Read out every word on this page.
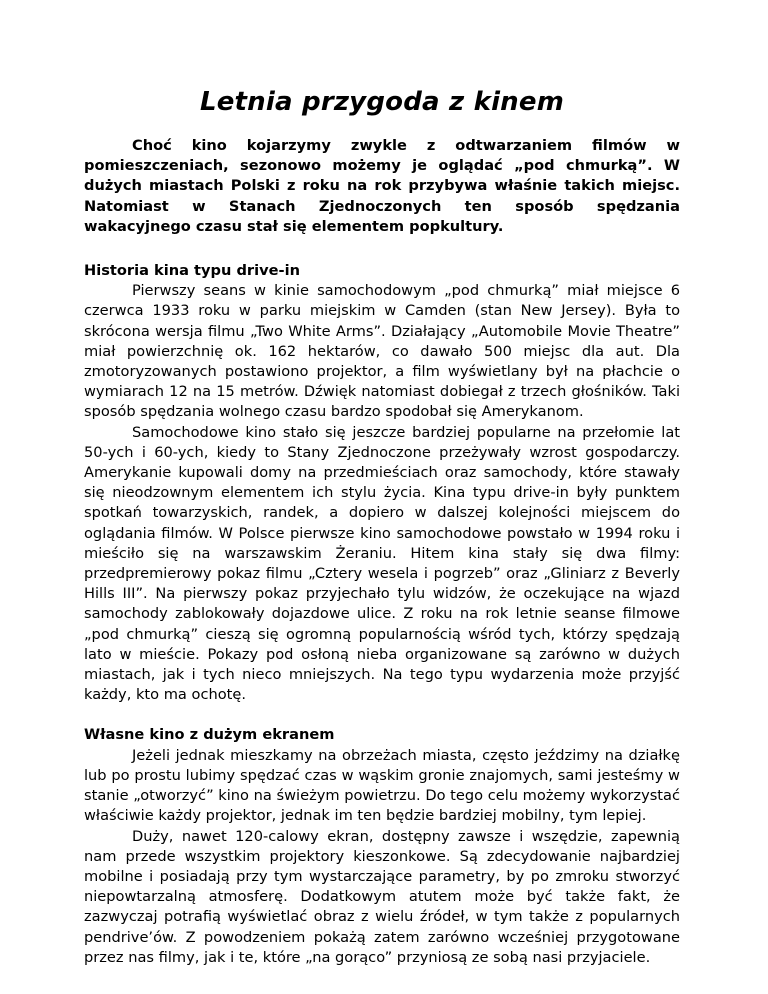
Letnia przygoda z kinem

Choć kino kojarzymy zwykle z odtwarzaniem filmów w pomieszczeniach, sezonowo możemy je oglądać „pod chmurką”. W dużych miastach Polski z roku na rok przybywa właśnie takich miejsc. Natomiast w Stanach Zjednoczonych ten sposób spędzania wakacyjnego czasu stał się elementem popkultury.

Historia kina typu drive-in

Pierwszy seans w kinie samochodowym „pod chmurką” miał miejsce 6 czerwca 1933 roku w parku miejskim w Camden (stan New Jersey). Była to skrócona wersja filmu „Two White Arms”. Działający „Automobile Movie Theatre” miał powierzchnię ok. 162 hektarów, co dawało 500 miejsc dla aut. Dla zmotoryzowanych postawiono projektor, a film wyświetlany był na płachcie o wymiarach 12 na 15 metrów. Dźwięk natomiast dobiegał z trzech głośników. Taki sposób spędzania wolnego czasu bardzo spodobał się Amerykanom.

Samochodowe kino stało się jeszcze bardziej popularne na przełomie lat 50-ych i 60-ych, kiedy to Stany Zjednoczone przeżywały wzrost gospodarczy. Amerykanie kupowali domy na przedmieściach oraz samochody, które stawały się nieodzownym elementem ich stylu życia. Kina typu drive-in były punktem spotkań towarzyskich, randek, a dopiero w dalszej kolejności miejscem do oglądania filmów. W Polsce pierwsze kino samochodowe powstało w 1994 roku i mieściło się na warszawskim Żeraniu. Hitem kina stały się dwa filmy: przedpremierowy pokaz filmu „Cztery wesela i pogrzeb” oraz „Gliniarz z Beverly Hills III”. Na pierwszy pokaz przyjechało tylu widzów, że oczekujące na wjazd samochody zablokowały dojazdowe ulice. Z roku na rok letnie seanse filmowe „pod chmurką” cieszą się ogromną popularnością wśród tych, którzy spędzają lato w mieście. Pokazy pod osłoną nieba organizowane są zarówno w dużych miastach, jak i tych nieco mniejszych. Na tego typu wydarzenia może przyjść każdy, kto ma ochotę.

Własne kino z dużym ekranem

Jeżeli jednak mieszkamy na obrzeżach miasta, często jeździmy na działkę lub po prostu lubimy spędzać czas w wąskim gronie znajomych, sami jesteśmy w stanie „otworzyć” kino na świeżym powietrzu. Do tego celu możemy wykorzystać właściwie każdy projektor, jednak im ten będzie bardziej mobilny, tym lepiej.

Duży, nawet 120-calowy ekran, dostępny zawsze i wszędzie, zapewnią nam przede wszystkim projektory kieszonkowe. Są zdecydowanie najbardziej mobilne i posiadają przy tym wystarczające parametry, by po zmroku stworzyć niepowtarzalną atmosferę. Dodatkowym atutem może być także fakt, że zazwyczaj potrafią wyświetlać obraz z wielu źródeł, w tym także z popularnych pendrive’ów. Z powodzeniem pokażą zatem zarówno wcześniej przygotowane przez nas filmy, jak i te, które „na gorąco” przyniosą ze sobą nasi przyjaciele.
